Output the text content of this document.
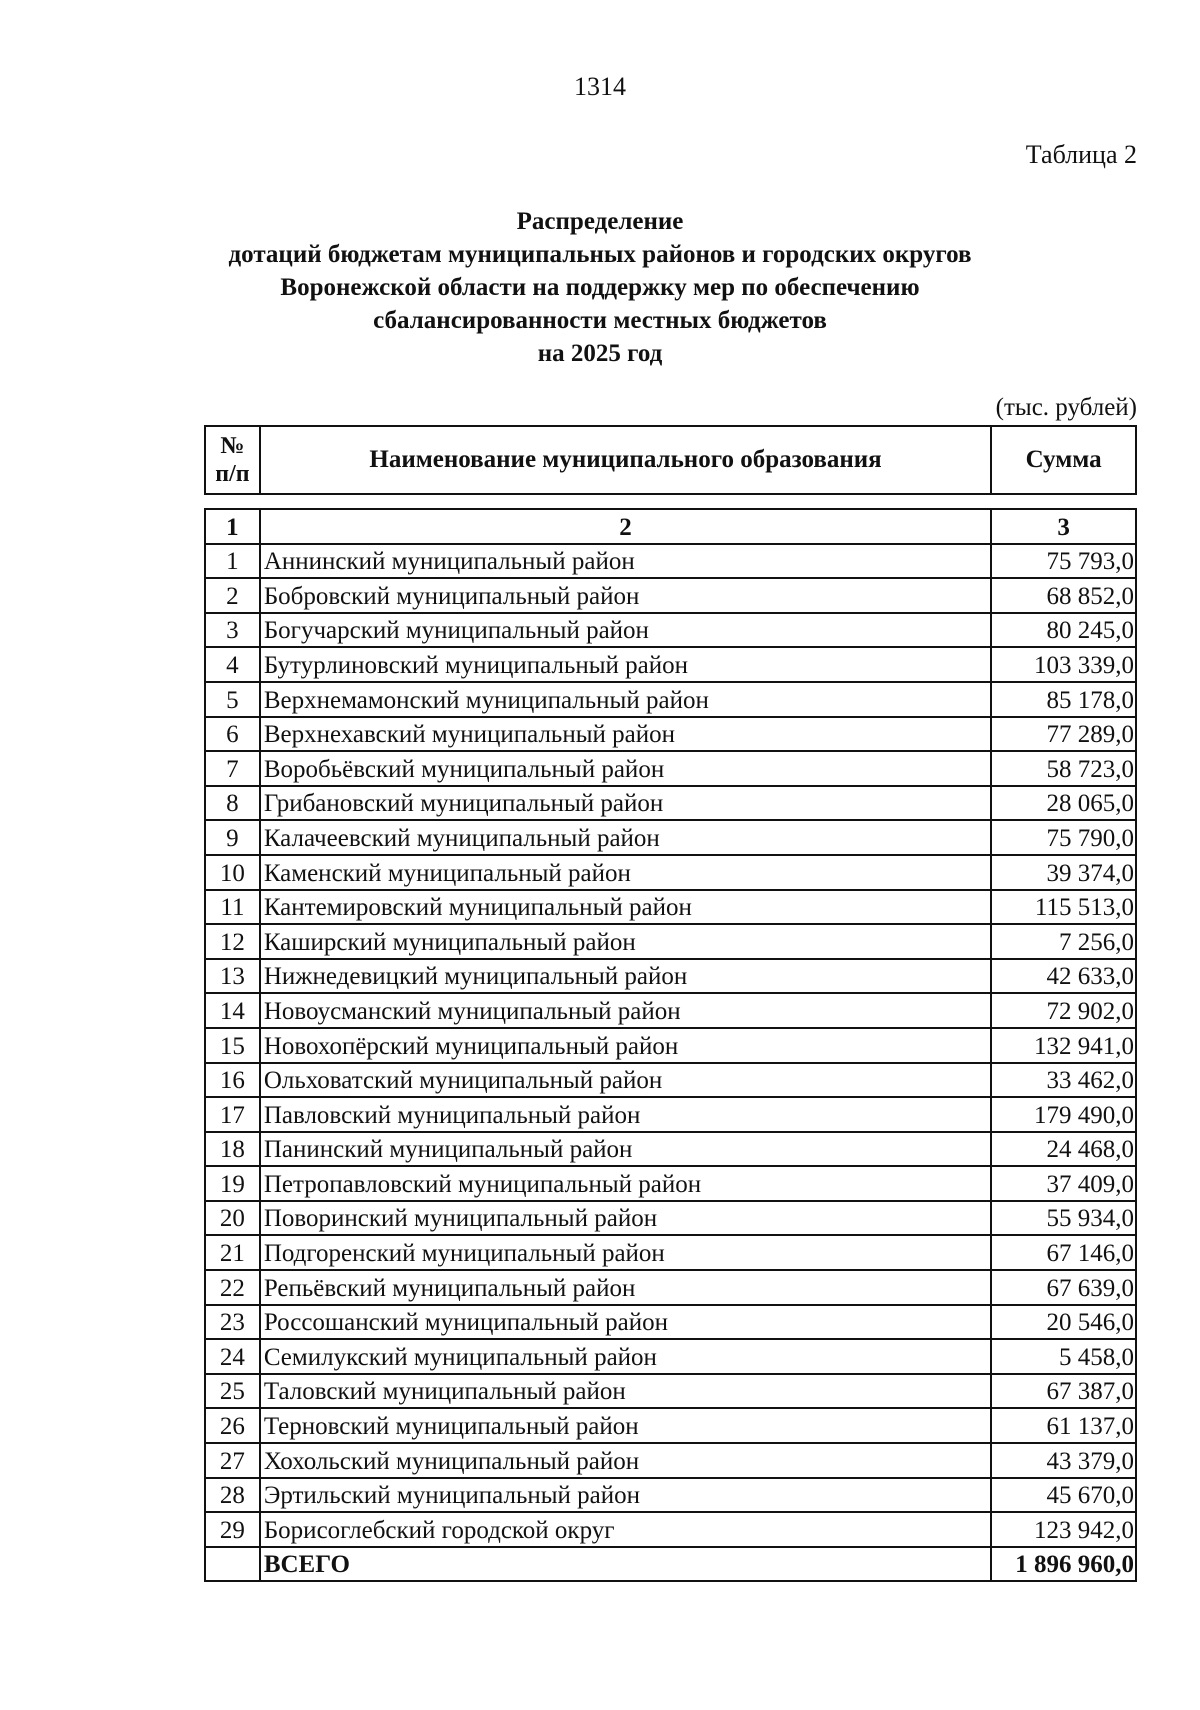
1314
Таблица 2
Распределение
дотаций бюджетам муниципальных районов и городских округов
Воронежской области на поддержку мер по обеспечению
сбалансированности местных бюджетов
на 2025 год
(тыс. рублей)
№
п/п
	Наименование муниципального образования	Сумма
1	2	3
1	Аннинский муниципальный район	75 793,0
2	Бобровский муниципальный район	68 852,0
3	Богучарский муниципальный район	80 245,0
4	Бутурлиновский муниципальный район	103 339,0
5	Верхнемамонский муниципальный район	85 178,0
6	Верхнехавский муниципальный район	77 289,0
7	Воробьёвский муниципальный район	58 723,0
8	Грибановский муниципальный район	28 065,0
9	Калачеевский муниципальный район	75 790,0
10	Каменский муниципальный район	39 374,0
11	Кантемировский муниципальный район	115 513,0
12	Каширский муниципальный район	7 256,0
13	Нижнедевицкий муниципальный район	42 633,0
14	Новоусманский муниципальный район	72 902,0
15	Новохопёрский муниципальный район	132 941,0
16	Ольховатский муниципальный район	33 462,0
17	Павловский муниципальный район	179 490,0
18	Панинский муниципальный район	24 468,0
19	Петропавловский муниципальный район	37 409,0
20	Поворинский муниципальный район	55 934,0
21	Подгоренский муниципальный район	67 146,0
22	Репьёвский муниципальный район	67 639,0
23	Россошанский муниципальный район	20 546,0
24	Семилукский муниципальный район	5 458,0
25	Таловский муниципальный район	67 387,0
26	Терновский муниципальный район	61 137,0
27	Хохольский муниципальный район	43 379,0
28	Эртильский муниципальный район	45 670,0
29	Борисоглебский городской округ	123 942,0
	ВСЕГО	1 896 960,0
